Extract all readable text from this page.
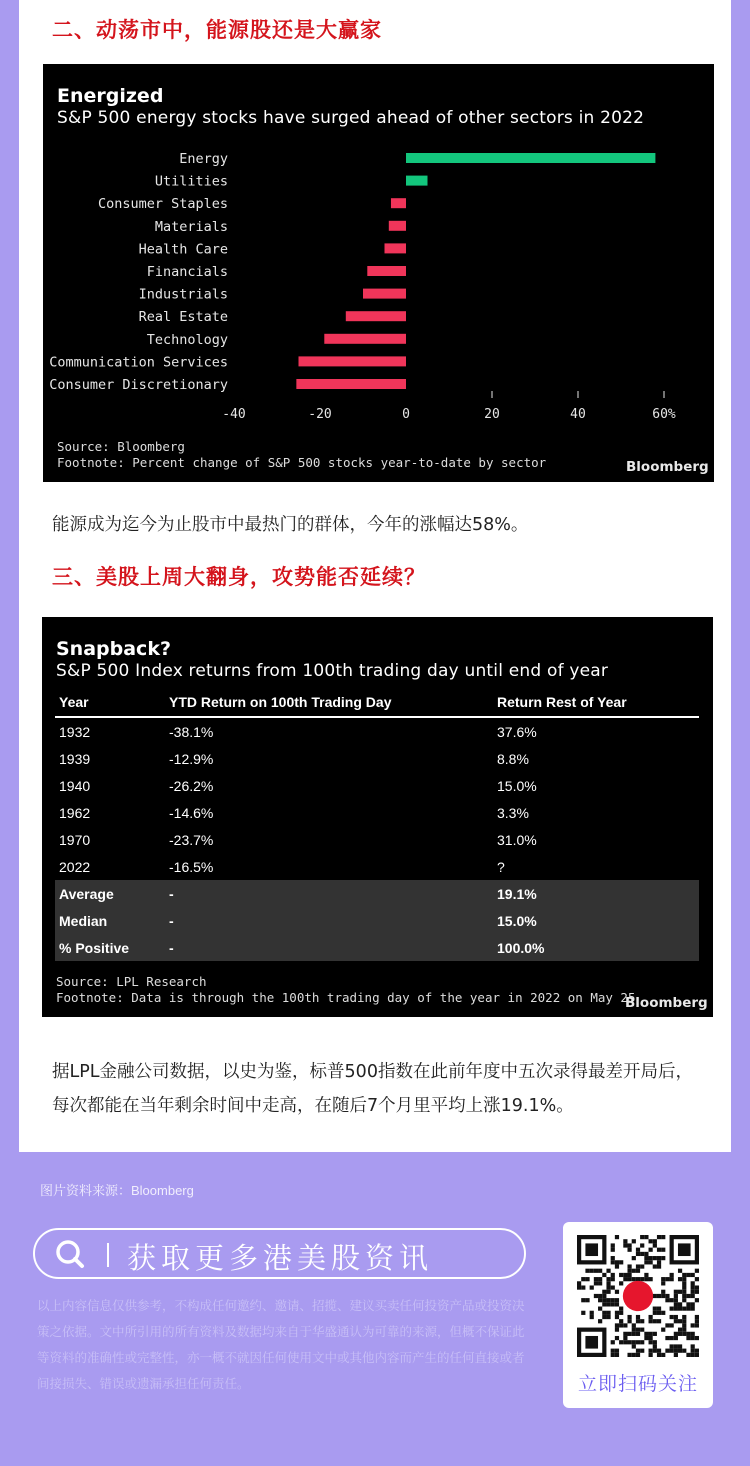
二、动荡市中，能源股还是大赢家
Energized
S&P 500 energy stocks have surged ahead of other sectors in 2022
Energy
Utilities
Consumer Staples
Materials
Health Care
Financials
Industrials
Real Estate
Technology
Communication Services
Consumer Discretionary
-40	-20	0	20	40	60%
Source: Bloomberg
Footnote: Percent change of S&P 500 stocks year-to-date by sector	Bloomberg
能源成为迄今为止股市中最热门的群体，今年的涨幅达58%。
三、美股上周大翻身，攻势能否延续？
Snapback?
S&P 500 Index returns from 100th trading day until end of year
Year	YTD Return on 100th Trading Day	Return Rest of Year
1932	-38.1%	37.6%
1939	-12.9%	8.8%
1940	-26.2%	15.0%
1962	-14.6%	3.3%
1970	-23.7%	31.0%
2022	-16.5%	?
Average	-	19.1%
Median	-	15.0%
% Positive	-	100.0%
Source: LPL Research
Footnote: Data is through the 100th trading day of the year in 2022 on May 25
Bloomberg
据LPL金融公司数据，以史为鉴，标普500指数在此前年度中五次录得最差开局后，每次都能在当年剩余时间中走高，在随后7个月里平均上涨19.1%。
图片资料来源：Bloomberg
获取更多港美股资讯
以上内容信息仅供参考，不构成任何邀约、邀请、招揽、建议买卖任何投资产品或投资决策之依据。文中所引用的所有资料及数据均来自于华盛通认为可靠的来源，但概不保证此等资料的准确性或完整性，亦一概不就因任何使用文中或其他内容而产生的任何直接或者间接损失、错误或遗漏承担任何责任。	立即扫码关注
